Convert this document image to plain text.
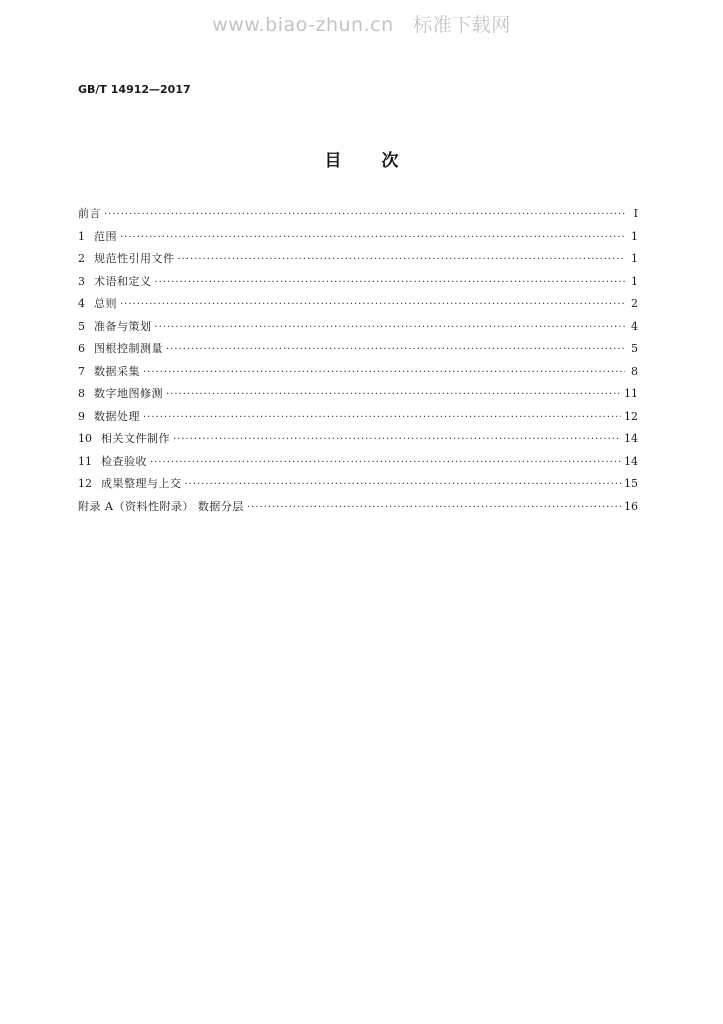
www.biao-zhun.cn   标准下载网
GB/T 14912—2017
目次
前言 ·····	Ⅰ
1 范围 ·····	1
2 规范性引用文件 ·····	1
3 术语和定义 ·····	1
4 总则 ·····	2
5 准备与策划 ·····	4
6 图根控制测量 ·····	5
7 数据采集 ·····	8
8 数字地图修测 ·····	11
9 数据处理 ·····	12
10 相关文件制作 ·····	14
11 检查验收 ·····	14
12 成果整理与上交 ·····	15
附录 A（资料性附录） 数据分层 ·····	16
